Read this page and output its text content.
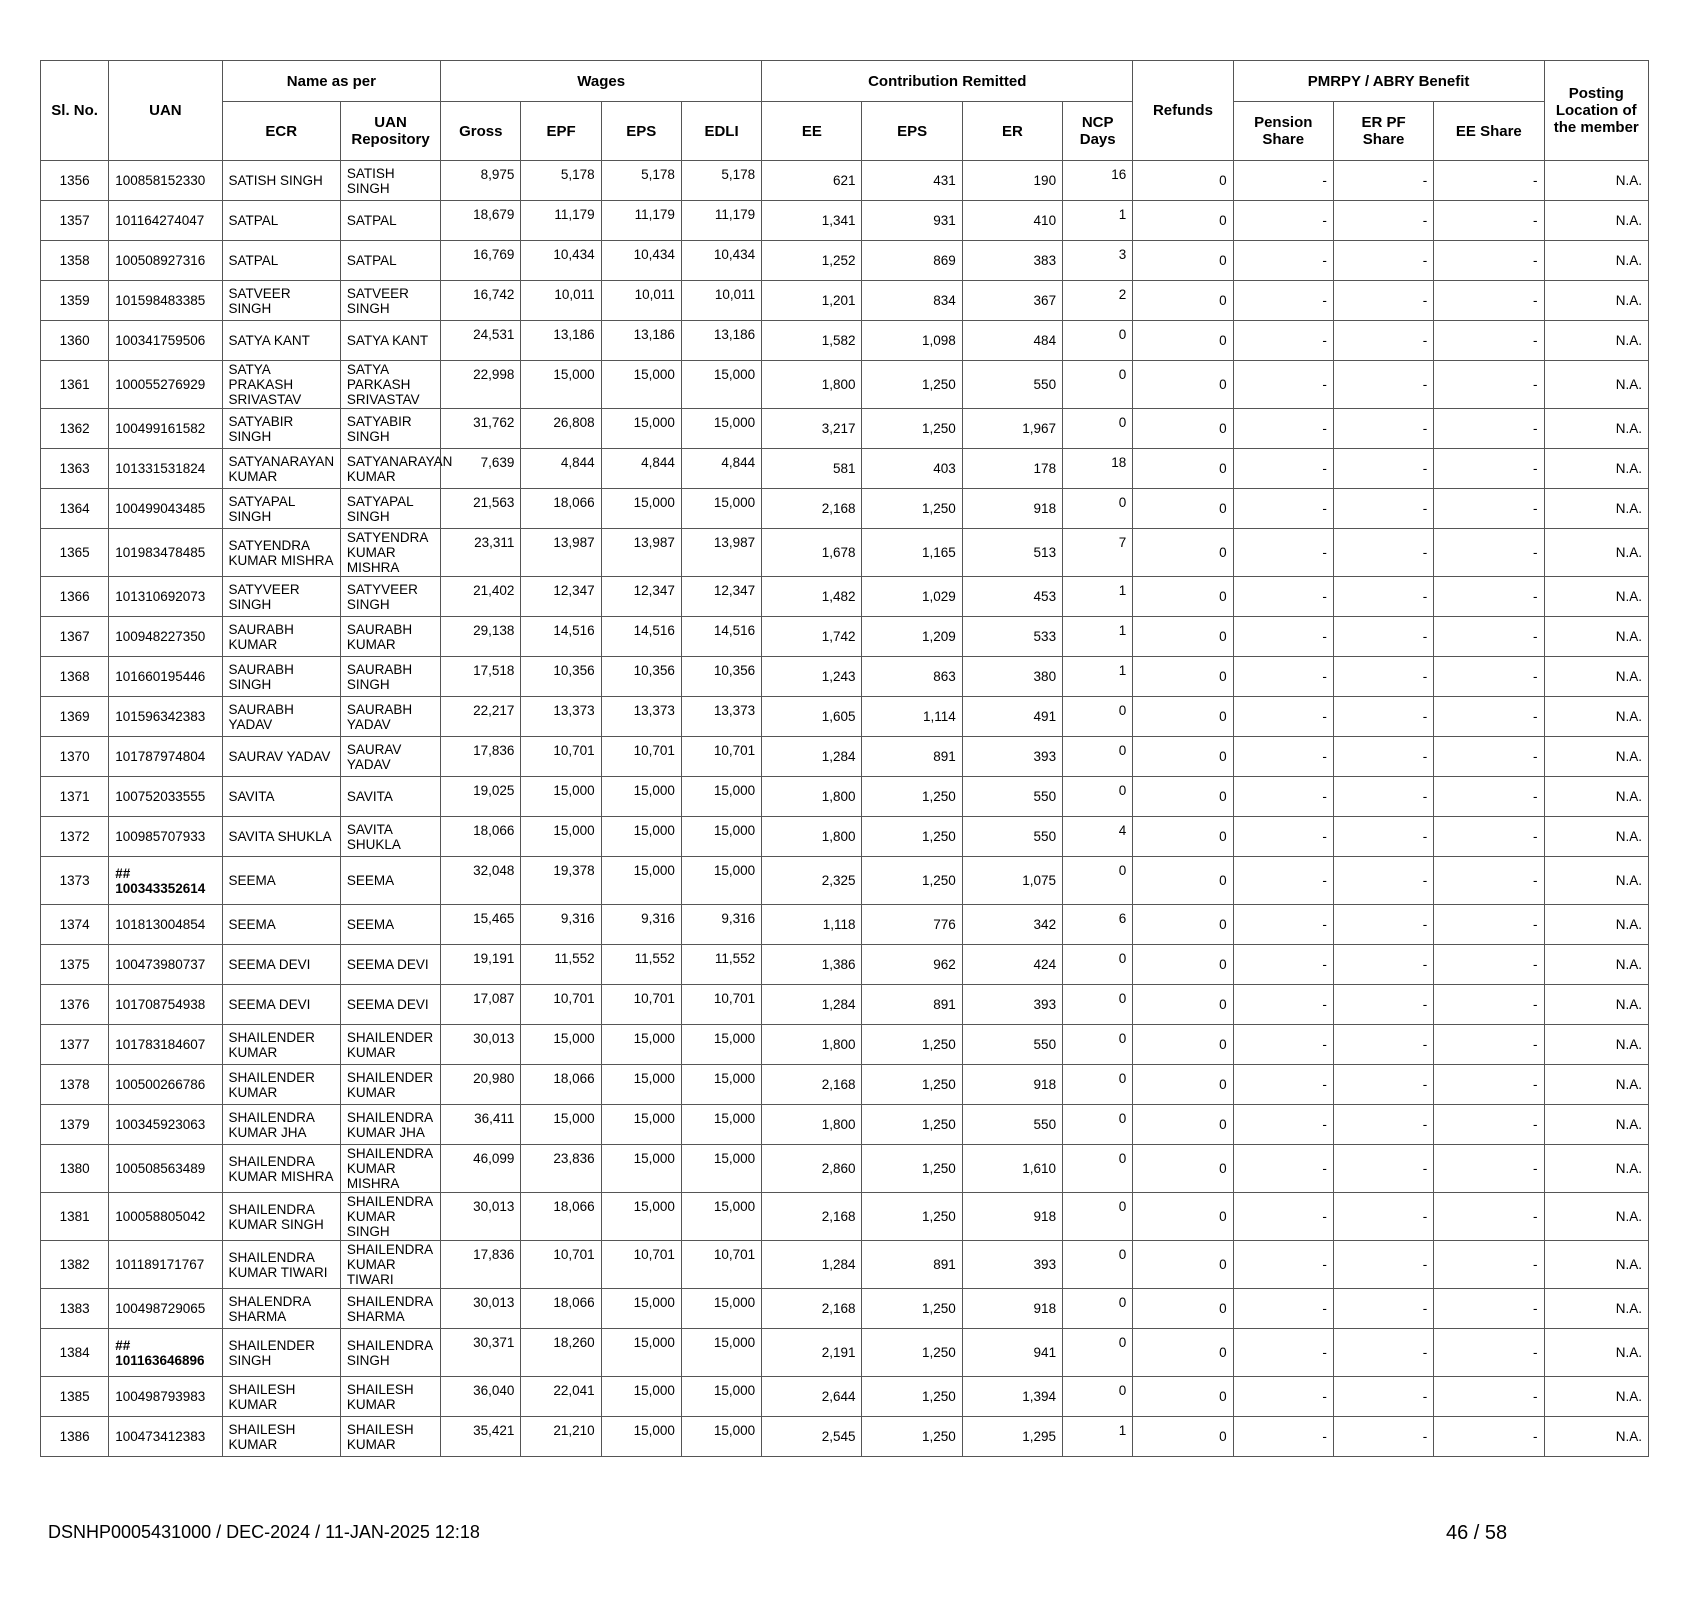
Sl. No.	UAN	Name as per		Wages				Contribution Remitted				Refunds	PMRPY / ABRY Benefit			Posting Location of the member
		ECR	UAN Repository	Gross	EPF	EPS	EDLI	EE	EPS	ER	NCP Days		Pension Share	ER PF Share	EE Share	
1356	100858152330	SATISH SINGH	SATISH SINGH	8,975	5,178	5,178	5,178	621	431	190	16	0	-	-	-	N.A.
1357	101164274047	SATPAL	SATPAL	18,679	11,179	11,179	11,179	1,341	931	410	1	0	-	-	-	N.A.
1358	100508927316	SATPAL	SATPAL	16,769	10,434	10,434	10,434	1,252	869	383	3	0	-	-	-	N.A.
1359	101598483385	SATVEER SINGH	SATVEER SINGH	16,742	10,011	10,011	10,011	1,201	834	367	2	0	-	-	-	N.A.
1360	100341759506	SATYA KANT	SATYA KANT	24,531	13,186	13,186	13,186	1,582	1,098	484	0	0	-	-	-	N.A.
1361	100055276929	SATYA PRAKASH SRIVASTAV	SATYA PARKASH SRIVASTAV	22,998	15,000	15,000	15,000	1,800	1,250	550	0	0	-	-	-	N.A.
1362	100499161582	SATYABIR SINGH	SATYABIR SINGH	31,762	26,808	15,000	15,000	3,217	1,250	1,967	0	0	-	-	-	N.A.
1363	101331531824	SATYANARAYAN KUMAR	SATYANARAYAN KUMAR	7,639	4,844	4,844	4,844	581	403	178	18	0	-	-	-	N.A.
1364	100499043485	SATYAPAL SINGH	SATYAPAL SINGH	21,563	18,066	15,000	15,000	2,168	1,250	918	0	0	-	-	-	N.A.
1365	101983478485	SATYENDRA KUMAR MISHRA	SATYENDRA KUMAR MISHRA	23,311	13,987	13,987	13,987	1,678	1,165	513	7	0	-	-	-	N.A.
1366	101310692073	SATYVEER SINGH	SATYVEER SINGH	21,402	12,347	12,347	12,347	1,482	1,029	453	1	0	-	-	-	N.A.
1367	100948227350	SAURABH KUMAR	SAURABH KUMAR	29,138	14,516	14,516	14,516	1,742	1,209	533	1	0	-	-	-	N.A.
1368	101660195446	SAURABH SINGH	SAURABH SINGH	17,518	10,356	10,356	10,356	1,243	863	380	1	0	-	-	-	N.A.
1369	101596342383	SAURABH YADAV	SAURABH YADAV	22,217	13,373	13,373	13,373	1,605	1,114	491	0	0	-	-	-	N.A.
1370	101787974804	SAURAV YADAV	SAURAV YADAV	17,836	10,701	10,701	10,701	1,284	891	393	0	0	-	-	-	N.A.
1371	100752033555	SAVITA	SAVITA	19,025	15,000	15,000	15,000	1,800	1,250	550	0	0	-	-	-	N.A.
1372	100985707933	SAVITA SHUKLA	SAVITA SHUKLA	18,066	15,000	15,000	15,000	1,800	1,250	550	4	0	-	-	-	N.A.
1373	## 100343352614	SEEMA	SEEMA	32,048	19,378	15,000	15,000	2,325	1,250	1,075	0	0	-	-	-	N.A.
1374	101813004854	SEEMA	SEEMA	15,465	9,316	9,316	9,316	1,118	776	342	6	0	-	-	-	N.A.
1375	100473980737	SEEMA DEVI	SEEMA DEVI	19,191	11,552	11,552	11,552	1,386	962	424	0	0	-	-	-	N.A.
1376	101708754938	SEEMA DEVI	SEEMA DEVI	17,087	10,701	10,701	10,701	1,284	891	393	0	0	-	-	-	N.A.
1377	101783184607	SHAILENDER KUMAR	SHAILENDER KUMAR	30,013	15,000	15,000	15,000	1,800	1,250	550	0	0	-	-	-	N.A.
1378	100500266786	SHAILENDER KUMAR	SHAILENDER KUMAR	20,980	18,066	15,000	15,000	2,168	1,250	918	0	0	-	-	-	N.A.
1379	100345923063	SHAILENDRA KUMAR JHA	SHAILENDRA KUMAR JHA	36,411	15,000	15,000	15,000	1,800	1,250	550	0	0	-	-	-	N.A.
1380	100508563489	SHAILENDRA KUMAR MISHRA	SHAILENDRA KUMAR MISHRA	46,099	23,836	15,000	15,000	2,860	1,250	1,610	0	0	-	-	-	N.A.
1381	100058805042	SHAILENDRA KUMAR SINGH	SHAILENDRA KUMAR SINGH	30,013	18,066	15,000	15,000	2,168	1,250	918	0	0	-	-	-	N.A.
1382	101189171767	SHAILENDRA KUMAR TIWARI	SHAILENDRA KUMAR TIWARI	17,836	10,701	10,701	10,701	1,284	891	393	0	0	-	-	-	N.A.
1383	100498729065	SHALENDRA SHARMA	SHAILENDRA SHARMA	30,013	18,066	15,000	15,000	2,168	1,250	918	0	0	-	-	-	N.A.
1384	## 101163646896	SHAILENDER SINGH	SHAILENDRA SINGH	30,371	18,260	15,000	15,000	2,191	1,250	941	0	0	-	-	-	N.A.
1385	100498793983	SHAILESH KUMAR	SHAILESH KUMAR	36,040	22,041	15,000	15,000	2,644	1,250	1,394	0	0	-	-	-	N.A.
1386	100473412383	SHAILESH KUMAR	SHAILESH KUMAR	35,421	21,210	15,000	15,000	2,545	1,250	1,295	1	0	-	-	-	N.A.
DSNHP0005431000 / DEC-2024 / 11-JAN-2025 12:18	46 / 58
